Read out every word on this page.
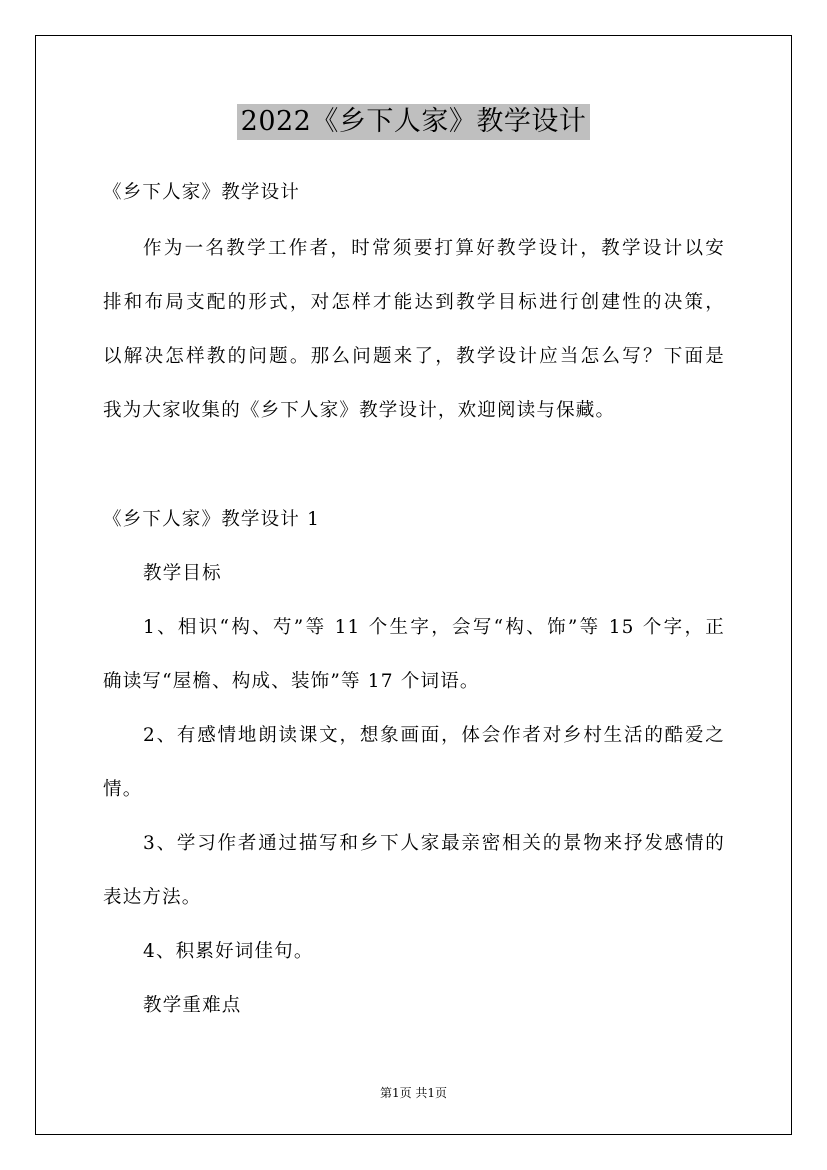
2022《乡下人家》教学设计
《乡下人家》教学设计
作为一名教学工作者，时常须要打算好教学设计，教学设计以安
排和布局支配的形式，对怎样才能达到教学目标进行创建性的决策，
以解决怎样教的问题。那么问题来了，教学设计应当怎么写？下面是
我为大家收集的《乡下人家》教学设计，欢迎阅读与保藏。
《乡下人家》教学设计 1
教学目标
1、相识“构、芍”等 11 个生字，会写“构、饰”等 15 个字，正
确读写“屋檐、构成、装饰”等 17 个词语。
2、有感情地朗读课文，想象画面，体会作者对乡村生活的酷爱之
情。
3、学习作者通过描写和乡下人家最亲密相关的景物来抒发感情的
表达方法。
4、积累好词佳句。
教学重难点
第1页 共1页
